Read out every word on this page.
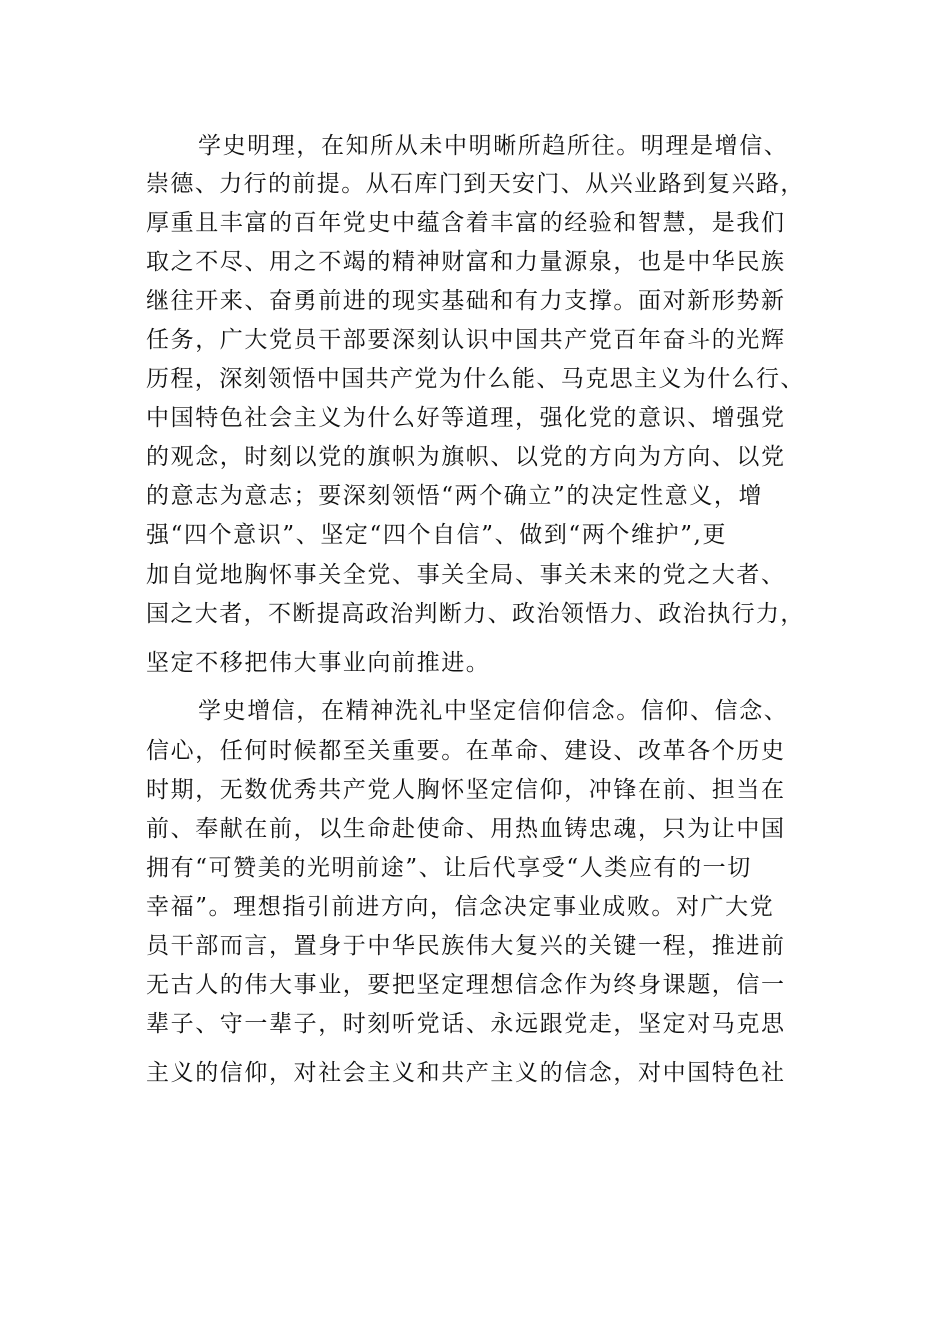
学史明理，在知所从未中明晰所趋所往。明理是增信、
崇德、力行的前提。从石库门到天安门、从兴业路到复兴路，
厚重且丰富的百年党史中蕴含着丰富的经验和智慧，是我们
取之不尽、用之不竭的精神财富和力量源泉，也是中华民族
继往开来、奋勇前进的现实基础和有力支撑。面对新形势新
任务，广大党员干部要深刻认识中国共产党百年奋斗的光辉
历程，深刻领悟中国共产党为什么能、马克思主义为什么行、
中国特色社会主义为什么好等道理，强化党的意识、增强党
的观念，时刻以党的旗帜为旗帜、以党的方向为方向、以党
的意志为意志；要深刻领悟“两个确立”的决定性意义，增
强“四个意识”、坚定“四个自信”、做到“两个维护”,更
加自觉地胸怀事关全党、事关全局、事关未来的党之大者、
国之大者，不断提高政治判断力、政治领悟力、政治执行力，
坚定不移把伟大事业向前推进。
学史增信，在精神洗礼中坚定信仰信念。信仰、信念、
信心，任何时候都至关重要。在革命、建设、改革各个历史
时期，无数优秀共产党人胸怀坚定信仰，冲锋在前、担当在
前、奉献在前，以生命赴使命、用热血铸忠魂，只为让中国
拥有“可赞美的光明前途”、让后代享受“人类应有的一切
幸福”。理想指引前进方向，信念决定事业成败。对广大党
员干部而言，置身于中华民族伟大复兴的关键一程，推进前
无古人的伟大事业，要把坚定理想信念作为终身课题，信一
辈子、守一辈子，时刻听党话、永远跟党走，坚定对马克思
主义的信仰，对社会主义和共产主义的信念，对中国特色社
